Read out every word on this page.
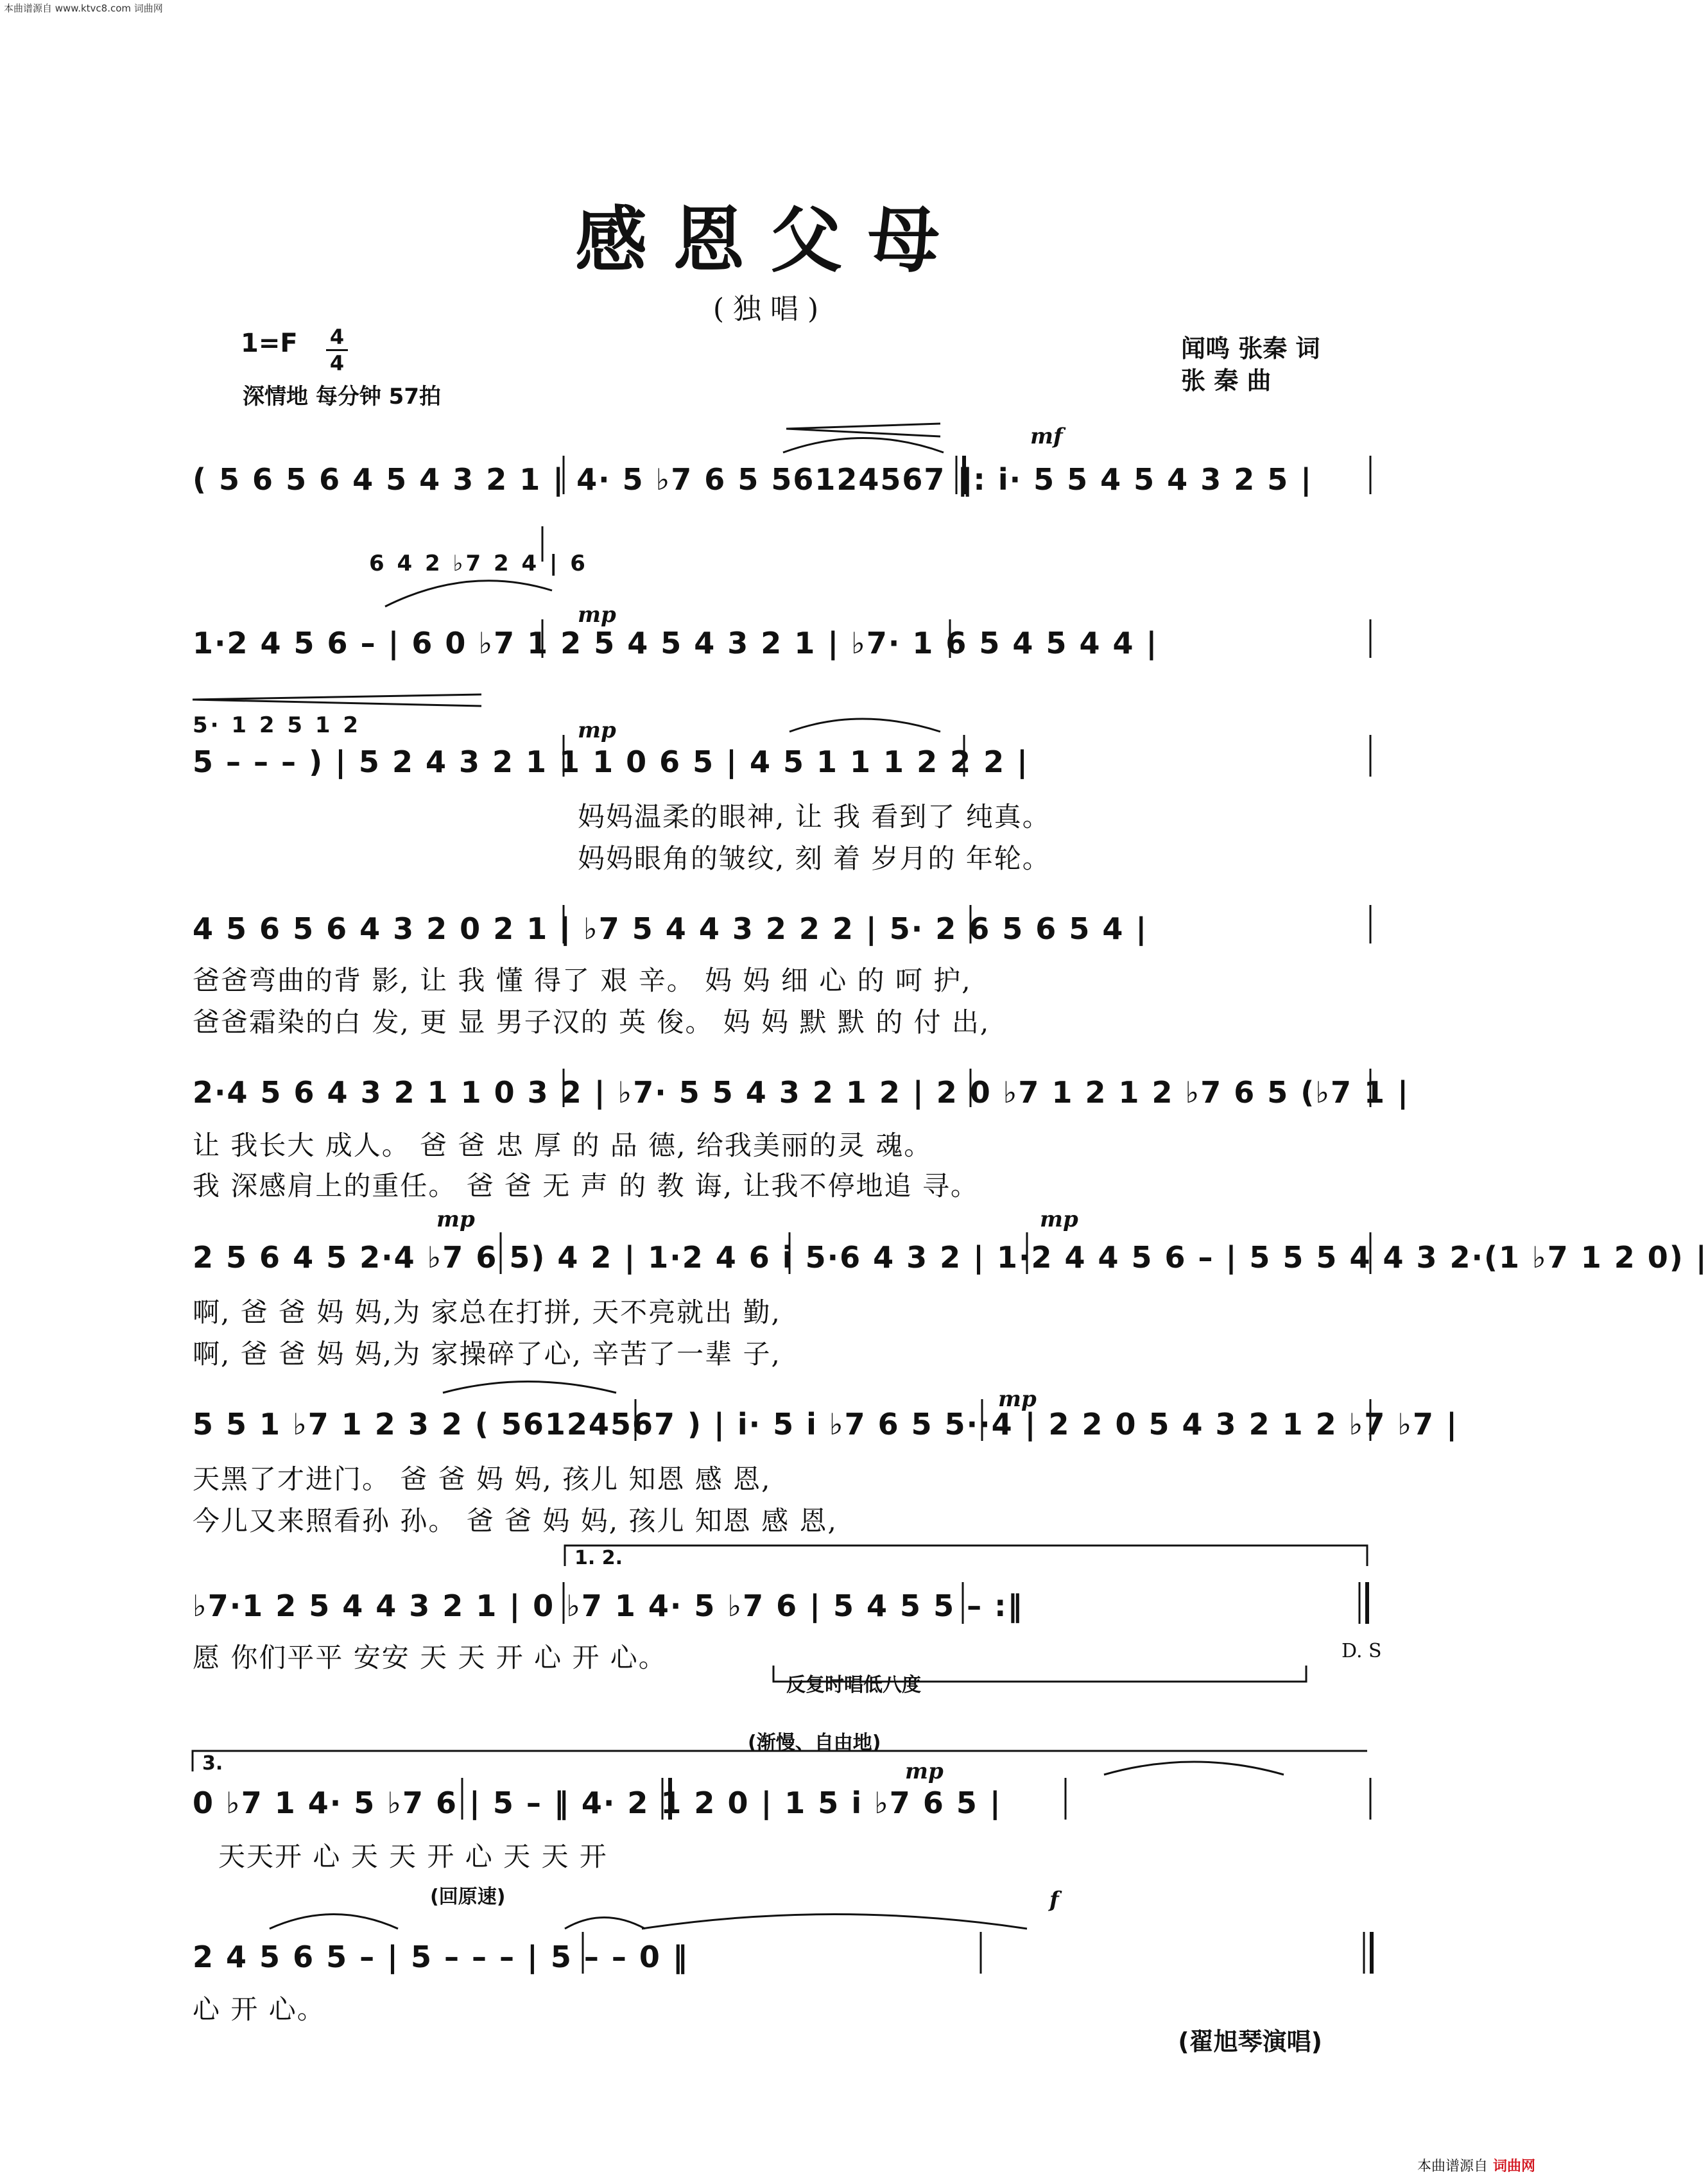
本曲谱源自 www.ktvc8.com 词曲网
感恩父母
(独唱)
闻鸣 张秦 词
张 秦 曲
1=F 4
4
深情地 每分钟 57拍
mf
mp
mp
mp	mp
mp
mp
f
( 5 6 5 6 4 5 4 3 2 1 | 4· 5 ♭7 6 5 56124567 ‖: i· 5 5 4 5 4 3 2 5 |
6 4 2 ♭7 2 4 | 6
1·2 4 5 6 – | 6 0 ♭7 1 2 5 4 5 4 3 2 1 | ♭7· 1 6 5 4 5 4 4 |
5· 1 2 5 1 2
5 – – – ) | 5 2 4 3 2 1 1 1 0 6 5 | 4 5 1 1 1 2 2 2 |
妈妈温柔的眼神, 让 我 看到了 纯真。
妈妈眼角的皱纹, 刻 着 岁月的 年轮。
4 5 6 5 6 4 3 2 0 2 1 | ♭7 5 4 4 3 2 2 2 | 5· 2 6 5 6 5 4 |
爸爸弯曲的背 影, 让 我 懂 得了 艰 辛。 妈 妈 细 心 的 呵 护,
爸爸霜染的白 发, 更 显 男子汉的 英 俊。 妈 妈 默 默 的 付 出,
2·4 5 6 4 3 2 1 1 0 3 2 | ♭7· 5 5 4 3 2 1 2 | 2 0 ♭7 1 2 1 2 ♭7 6 5 (♭7 1 |
让 我长大 成人。 爸 爸 忠 厚 的 品 德, 给我美丽的灵 魂。
我 深感肩上的重任。 爸 爸 无 声 的 教 诲, 让我不停地追 寻。
2 5 6 4 5 2·4 ♭7 6 5) 4 2 | 1·2 4 6 i 5·6 4 3 2 | 1·2 4 4 5 6 – | 5 5 5 4 4 3 2·(1 ♭7 1 2 0) |
啊, 爸 爸 妈 妈,为 家总在打拼, 天不亮就出 勤,
啊, 爸 爸 妈 妈,为 家操碎了心, 辛苦了一辈 子,
5 5 1 ♭7 1 2 3 2 ( 56124567 ) | i· 5 i ♭7 6 5 5··4 | 2 2 0 5 4 3 2 1 2 ♭7 ♭7 |
天黑了才进门。 爸 爸 妈 妈, 孩儿 知恩 感 恩,
今儿又来照看孙 孙。 爸 爸 妈 妈, 孩儿 知恩 感 恩,
1. 2.
♭7·1 2 5 4 4 3 2 1 | 0 ♭7 1 4· 5 ♭7 6 | 5 4 5 5 – :‖
愿 你们平平 安安 天 天 开 心 开 心。
反复时唱低八度
D. S
(渐慢、自由地)
3.
0 ♭7 1 4· 5 ♭7 6 | 5 – ‖ 4· 2 1 2 0 | 1 5 i ♭7 6 5 |
天天开 心 天 天 开 心 天 天 开
(回原速)
2 4 5 6 5 – | 5 – – – | 5 – – 0 ‖
心 开 心。
(翟旭琴演唱)
本曲谱源自 词曲网
